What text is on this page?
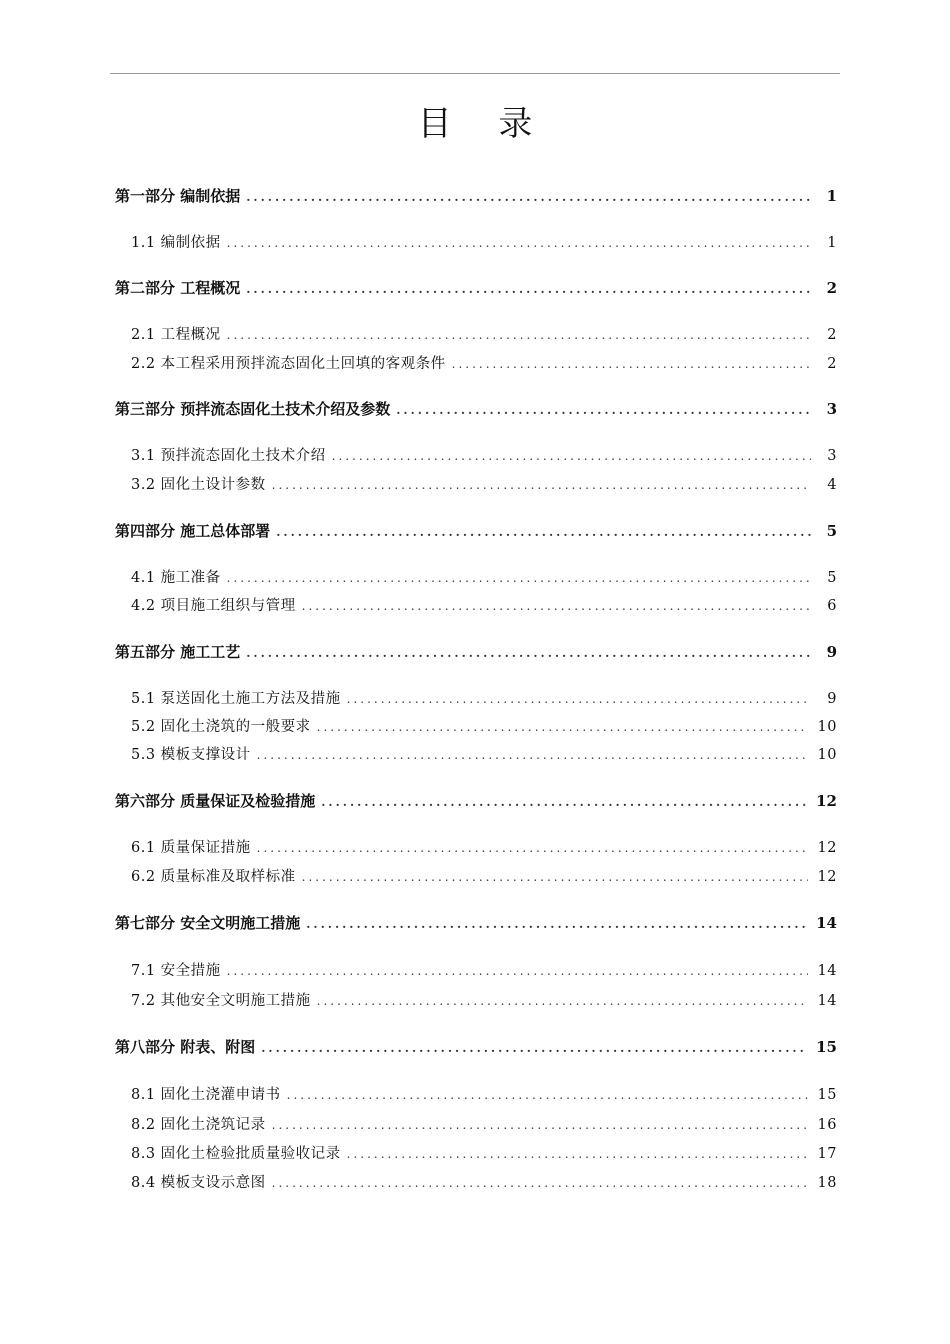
目 录
第一部分 编制依据 .....	1
1.1 编制依据 .....	1
第二部分 工程概况 .....	2
2.1 工程概况 .....	2
2.2 本工程采用预拌流态固化土回填的客观条件 .....	2
第三部分 预拌流态固化土技术介绍及参数 .....	3
3.1 预拌流态固化土技术介绍 .....	3
3.2 固化土设计参数 .....	4
第四部分 施工总体部署 .....	5
4.1 施工准备 .....	5
4.2 项目施工组织与管理 .....	6
第五部分 施工工艺 .....	9
5.1 泵送固化土施工方法及措施 .....	9
5.2 固化土浇筑的一般要求 .....	10
5.3 模板支撑设计 .....	10
第六部分 质量保证及检验措施 .....	12
6.1 质量保证措施 .....	12
6.2 质量标准及取样标准 .....	12
第七部分 安全文明施工措施 .....	14
7.1 安全措施 .....	14
7.2 其他安全文明施工措施 .....	14
第八部分 附表、附图 .....	15
8.1 固化土浇灌申请书 .....	15
8.2 固化土浇筑记录 .....	16
8.3 固化土检验批质量验收记录 .....	17
8.4 模板支设示意图 .....	18
